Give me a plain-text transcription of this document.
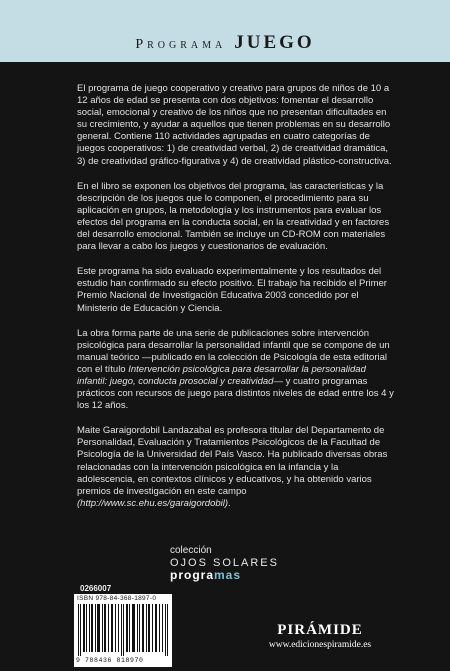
Programa JUEGO

El programa de juego cooperativo y creativo para grupos de niños de 10 a 12 años de edad se presenta con dos objetivos: fomentar el desarrollo social, emocional y creativo de los niños que no presentan dificultades en su crecimiento, y ayudar a aquellos que tienen problemas en su desarrollo general. Contiene 110 actividades agrupadas en cuatro categorías de juegos cooperativos: 1) de creatividad verbal, 2) de creatividad dramática, 3) de creatividad gráfico-figurativa y 4) de creatividad plástico-constructiva.

En el libro se exponen los objetivos del programa, las características y la descripción de los juegos que lo componen, el procedimiento para su aplicación en grupos, la metodología y los instrumentos para evaluar los efectos del programa en la conducta social, en la creatividad y en factores del desarrollo emocional. También se incluye un CD-ROM con materiales para llevar a cabo los juegos y cuestionarios de evaluación.

Este programa ha sido evaluado experimentalmente y los resultados del estudio han confirmado su efecto positivo. El trabajo ha recibido el Primer Premio Nacional de Investigación Educativa 2003 concedido por el Ministerio de Educación y Ciencia.

La obra forma parte de una serie de publicaciones sobre intervención psicológica para desarrollar la personalidad infantil que se compone de un manual teórico —publicado en la colección de Psicología de esta editorial con el título Intervención psicológica para desarrollar la personalidad infantil: juego, conducta prosocial y creatividad— y cuatro programas prácticos con recursos de juego para distintos niveles de edad entre los 4 y los 12 años.

Maite Garaigordobil Landazabal es profesora titular del Departamento de Personalidad, Evaluación y Tratamientos Psicológicos de la Facultad de Psicología de la Universidad del País Vasco. Ha publicado diversas obras relacionadas con la intervención psicológica en la infancia y la adolescencia, en contextos clínicos y educativos, y ha obtenido varios premios de investigación en este campo (http://www.sc.ehu.es/garaigordobil).

colección
OJOS SOLARES
programas
0266007
ISBN 978-84-368-1897-0
9 788436 818970
PIRÁMIDE
www.edicionespiramide.es
